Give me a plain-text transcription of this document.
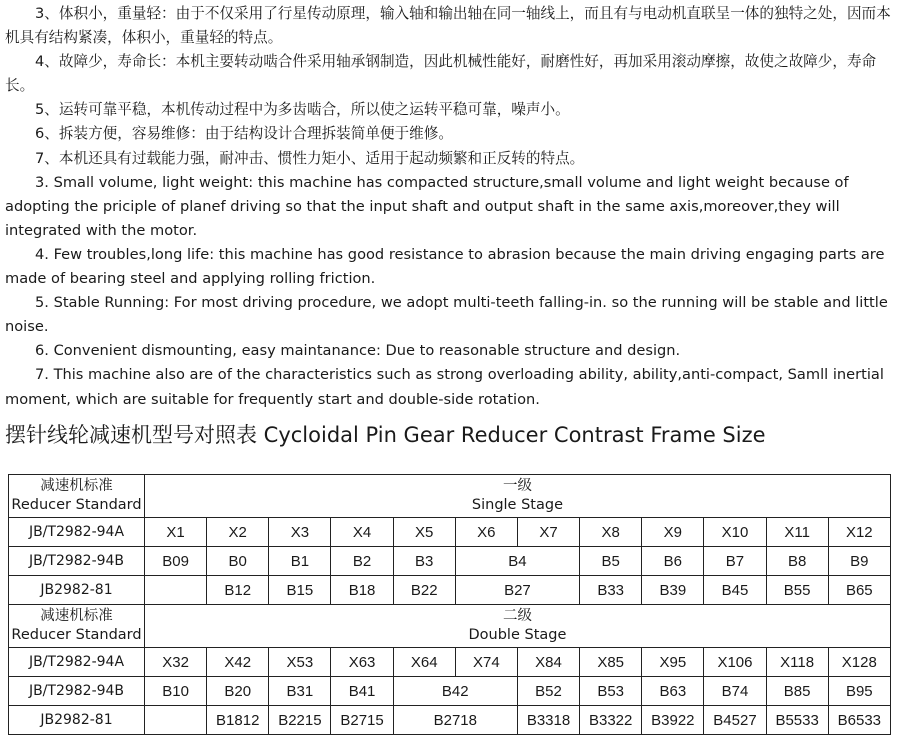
3、体积小，重量轻：由于不仅采用了行星传动原理，输入轴和输出轴在同一轴线上，而且有与电动机直联呈一体的独特之处，因而本机具有结构紧凑，体积小，重量轻的特点。

4、故障少，寿命长：本机主要转动啮合件采用轴承钢制造，因此机械性能好，耐磨性好，再加采用滚动摩擦，故使之故障少，寿命长。

5、运转可靠平稳，本机传动过程中为多齿啮合，所以使之运转平稳可靠，噪声小。

6、拆装方便，容易维修：由于结构设计合理拆装简单便于维修。

7、本机还具有过载能力强，耐冲击、惯性力矩小、适用于起动频繁和正反转的特点。

3. Small volume, light weight: this machine has compacted structure,small volume and light weight because of adopting the priciple of planef driving so that the input shaft and output shaft in the same axis,moreover,they will integrated with the motor.

4. Few troubles,long life: this machine has good resistance to abrasion because the main driving engaging parts are made of bearing steel and applying rolling friction.

5. Stable Running: For most driving procedure, we adopt multi-teeth falling-in. so the running will be stable and little noise.

6. Convenient dismounting, easy maintanance: Due to reasonable structure and design.

7. This machine also are of the characteristics such as strong overloading ability, ability,anti-compact, Samll inertial moment, which are suitable for frequently start and double-side rotation.

摆针线轮减速机型号对照表 Cycloidal Pin Gear Reducer Contrast Frame Size
减速机标准
Reducer Standard	一级
Single Stage											

JB/T2982-94A	X1	X2	X3	X4	X5	X6	X7	X8	X9	X10	X11	X12
JB/T2982-94B	B09	B0	B1	B2	B3	B4		B5	B6	B7	B8	B9
JB2982-81		B12	B15	B18	B22	B27		B33	B39	B45	B55	B65

减速机标准
Reducer Standard	二级
Double Stage											

JB/T2982-94A	X32	X42	X53	X63	X64	X74	X84	X85	X95	X106	X118	X128
JB/T2982-94B	B10	B20	B31	B41	B42		B52	B53	B63	B74	B85	B95
JB2982-81		B1812	B2215	B2715	B2718		B3318	B3322	B3922	B4527	B5533	B6533
